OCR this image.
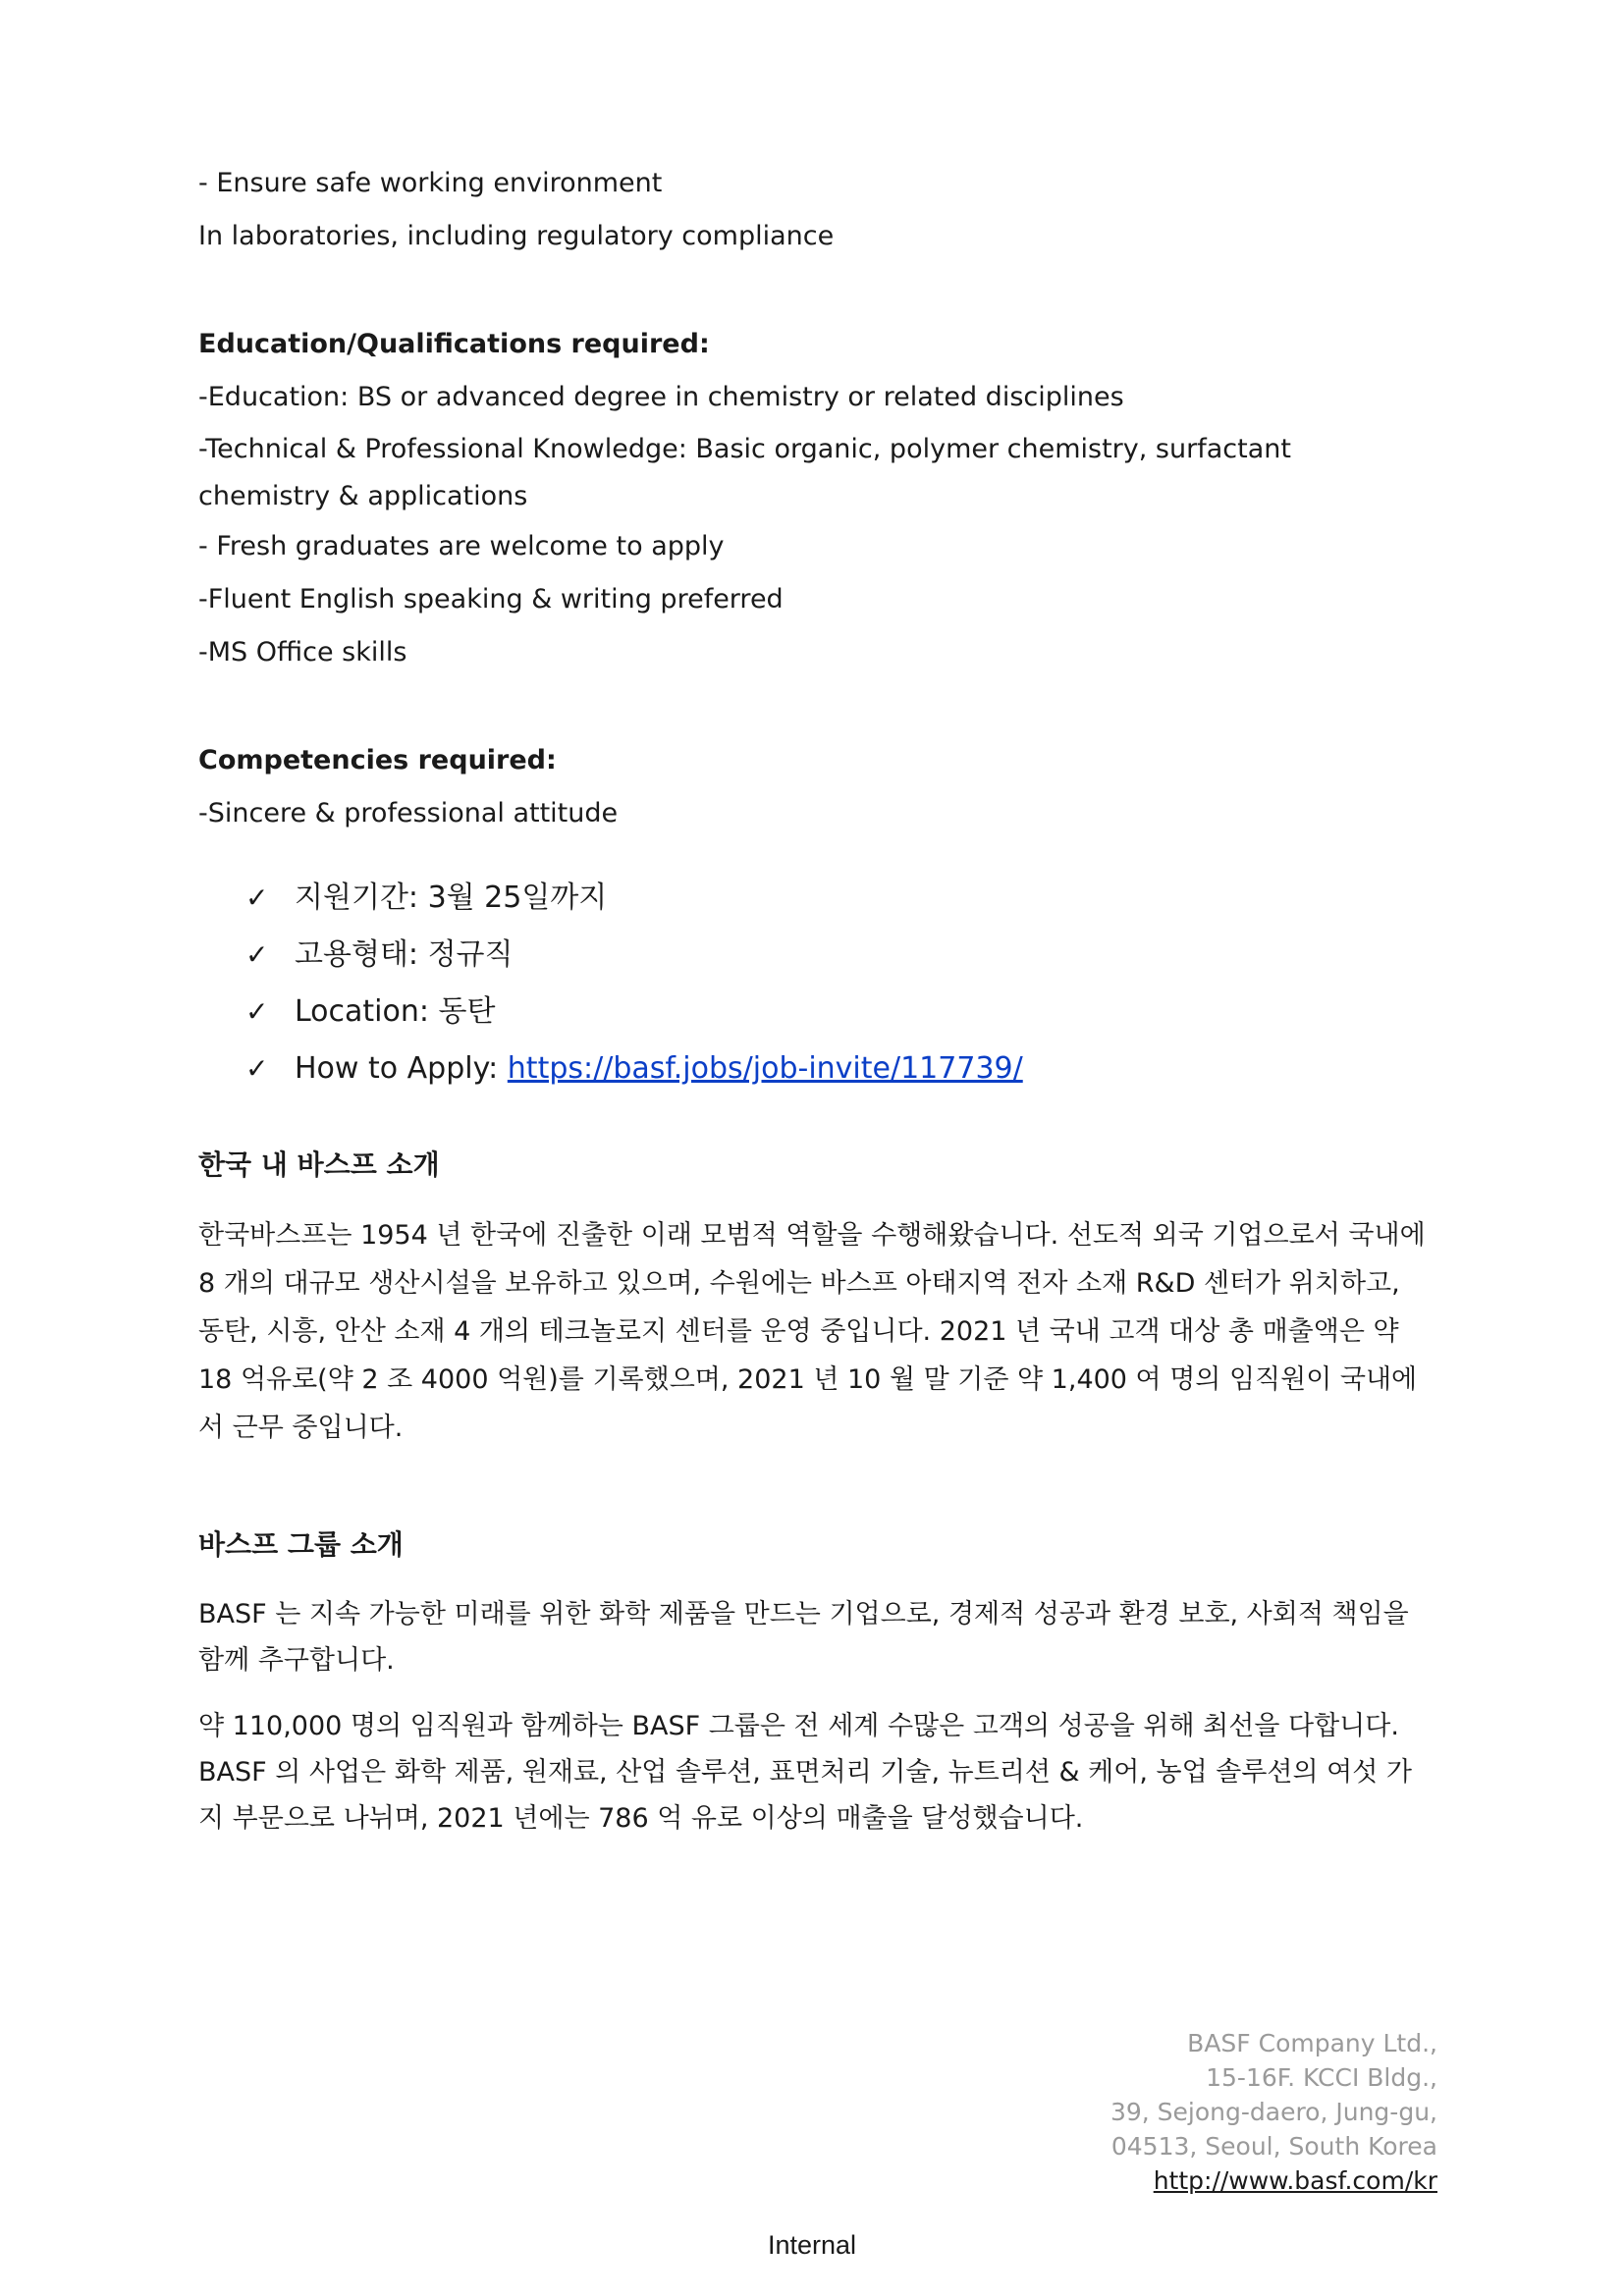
- Ensure safe working environment
In laboratories, including regulatory compliance
Education/Qualifications required:
-Education: BS or advanced degree in chemistry or related disciplines
-Technical & Professional Knowledge: Basic organic, polymer chemistry, surfactant chemistry & applications
- Fresh graduates are welcome to apply
-Fluent English speaking & writing preferred
-MS Office skills
Competencies required:
-Sincere & professional attitude
✓ 지원기간: 3월 25일까지
✓ 고용형태: 정규직
✓ Location: 동탄
✓ How to Apply: https://basf.jobs/job-invite/117739/
한국 내 바스프 소개

한국바스프는 1954 년 한국에 진출한 이래 모범적 역할을 수행해왔습니다. 선도적 외국 기업으로서 국내에 8 개의 대규모 생산시설을 보유하고 있으며, 수원에는 바스프 아태지역 전자 소재 R&D 센터가 위치하고, 동탄, 시흥, 안산 소재 4 개의 테크놀로지 센터를 운영 중입니다. 2021 년 국내 고객 대상 총 매출액은 약 18 억유로(약 2 조 4000 억원)를 기록했으며, 2021 년 10 월 말 기준 약 1,400 여 명의 임직원이 국내에서 근무 중입니다.

바스프 그룹 소개

BASF 는 지속 가능한 미래를 위한 화학 제품을 만드는 기업으로, 경제적 성공과 환경 보호, 사회적 책임을 함께 추구합니다.

약 110,000 명의 임직원과 함께하는 BASF 그룹은 전 세계 수많은 고객의 성공을 위해 최선을 다합니다. BASF 의 사업은 화학 제품, 원재료, 산업 솔루션, 표면처리 기술, 뉴트리션 & 케어, 농업 솔루션의 여섯 가지 부문으로 나뉘며, 2021 년에는 786 억 유로 이상의 매출을 달성했습니다.

BASF Company Ltd.,
15-16F. KCCI Bldg.,
39, Sejong-daero, Jung-gu,
04513, Seoul, South Korea
http://www.basf.com/kr
Internal
